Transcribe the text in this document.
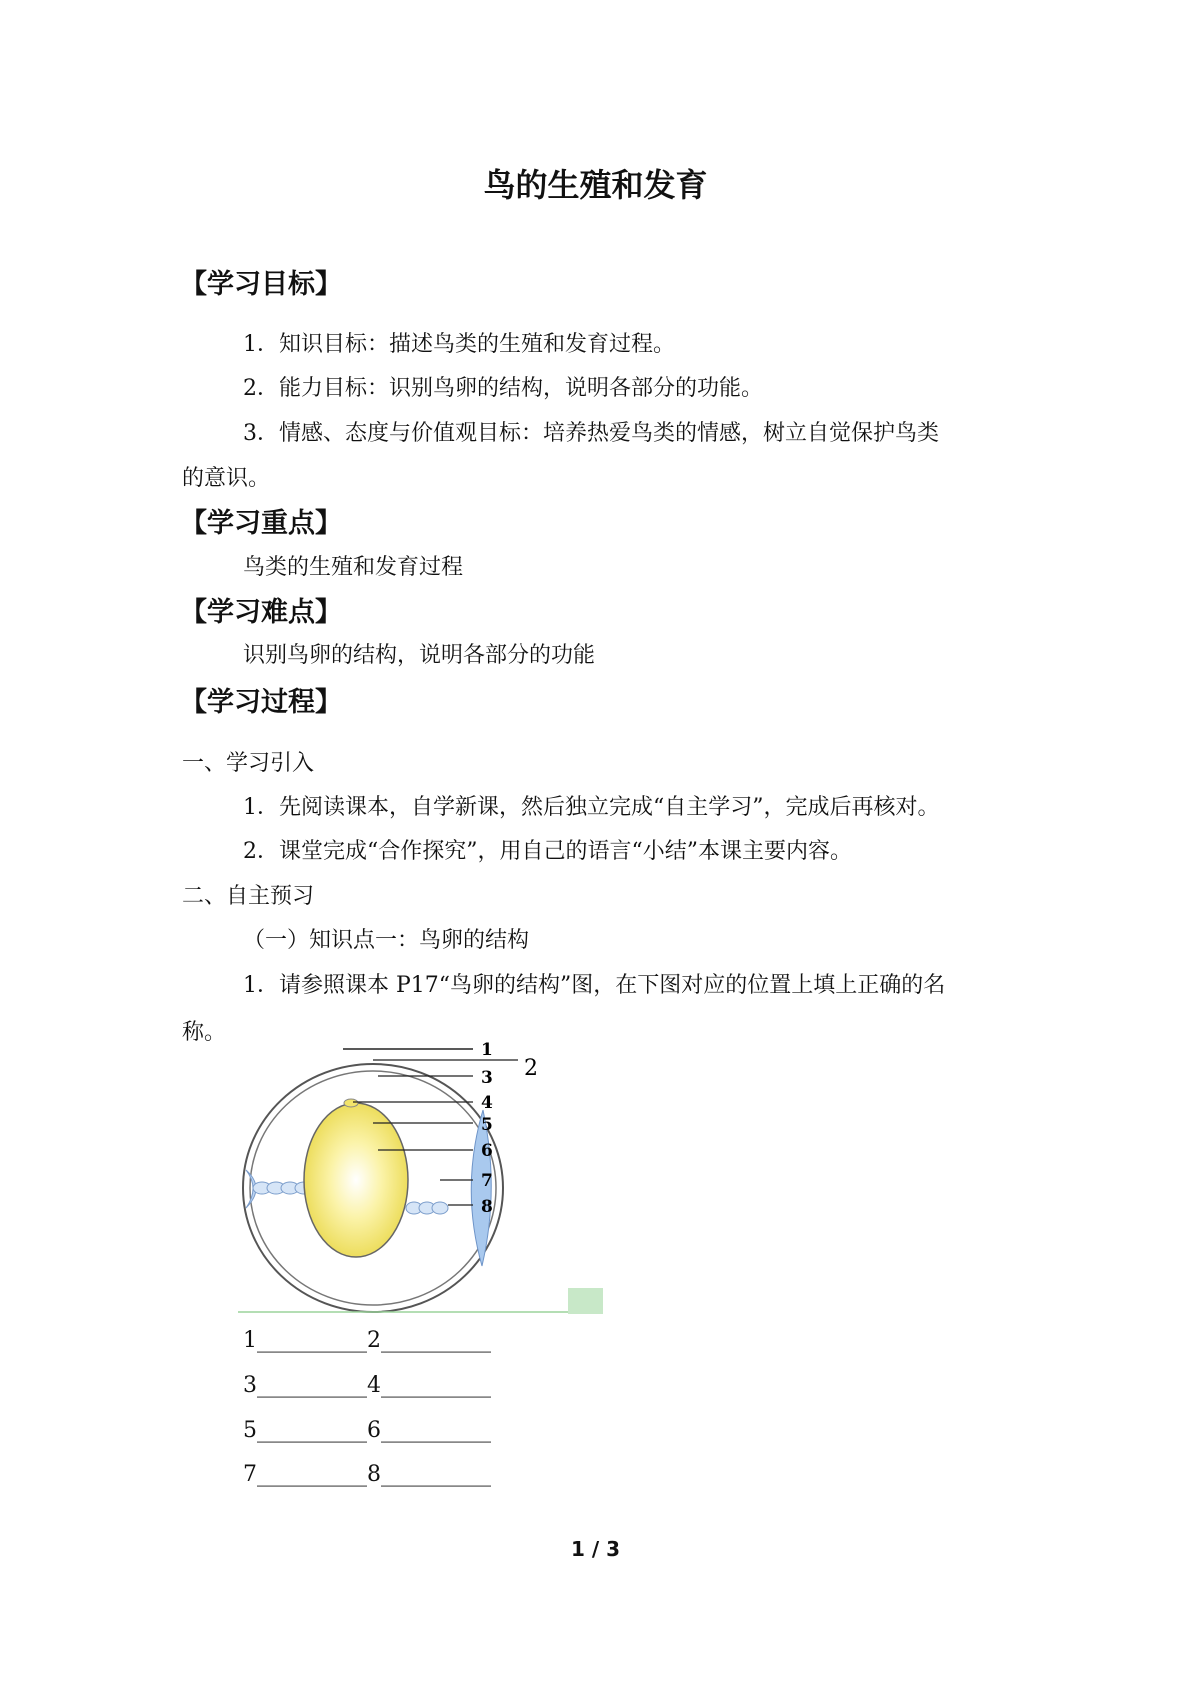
鸟的生殖和发育
【学习目标】
1．知识目标：描述鸟类的生殖和发育过程。
2．能力目标：识别鸟卵的结构，说明各部分的功能。
3．情感、态度与价值观目标：培养热爱鸟类的情感，树立自觉保护鸟类
的意识。
【学习重点】
鸟类的生殖和发育过程
【学习难点】
识别鸟卵的结构，说明各部分的功能
【学习过程】
一、学习引入
1．先阅读课本，自学新课，然后独立完成“自主学习”，完成后再核对。
2．课堂完成“合作探究”，用自己的语言“小结”本课主要内容。
二、自主预习
（一）知识点一：鸟卵的结构
1．请参照课本 P17“鸟卵的结构”图，在下图对应的位置上填上正确的名
称。
1
3
4
5
6
7
8
2
1__________2__________
3__________4__________
5__________6__________
7__________8__________
1 / 3
